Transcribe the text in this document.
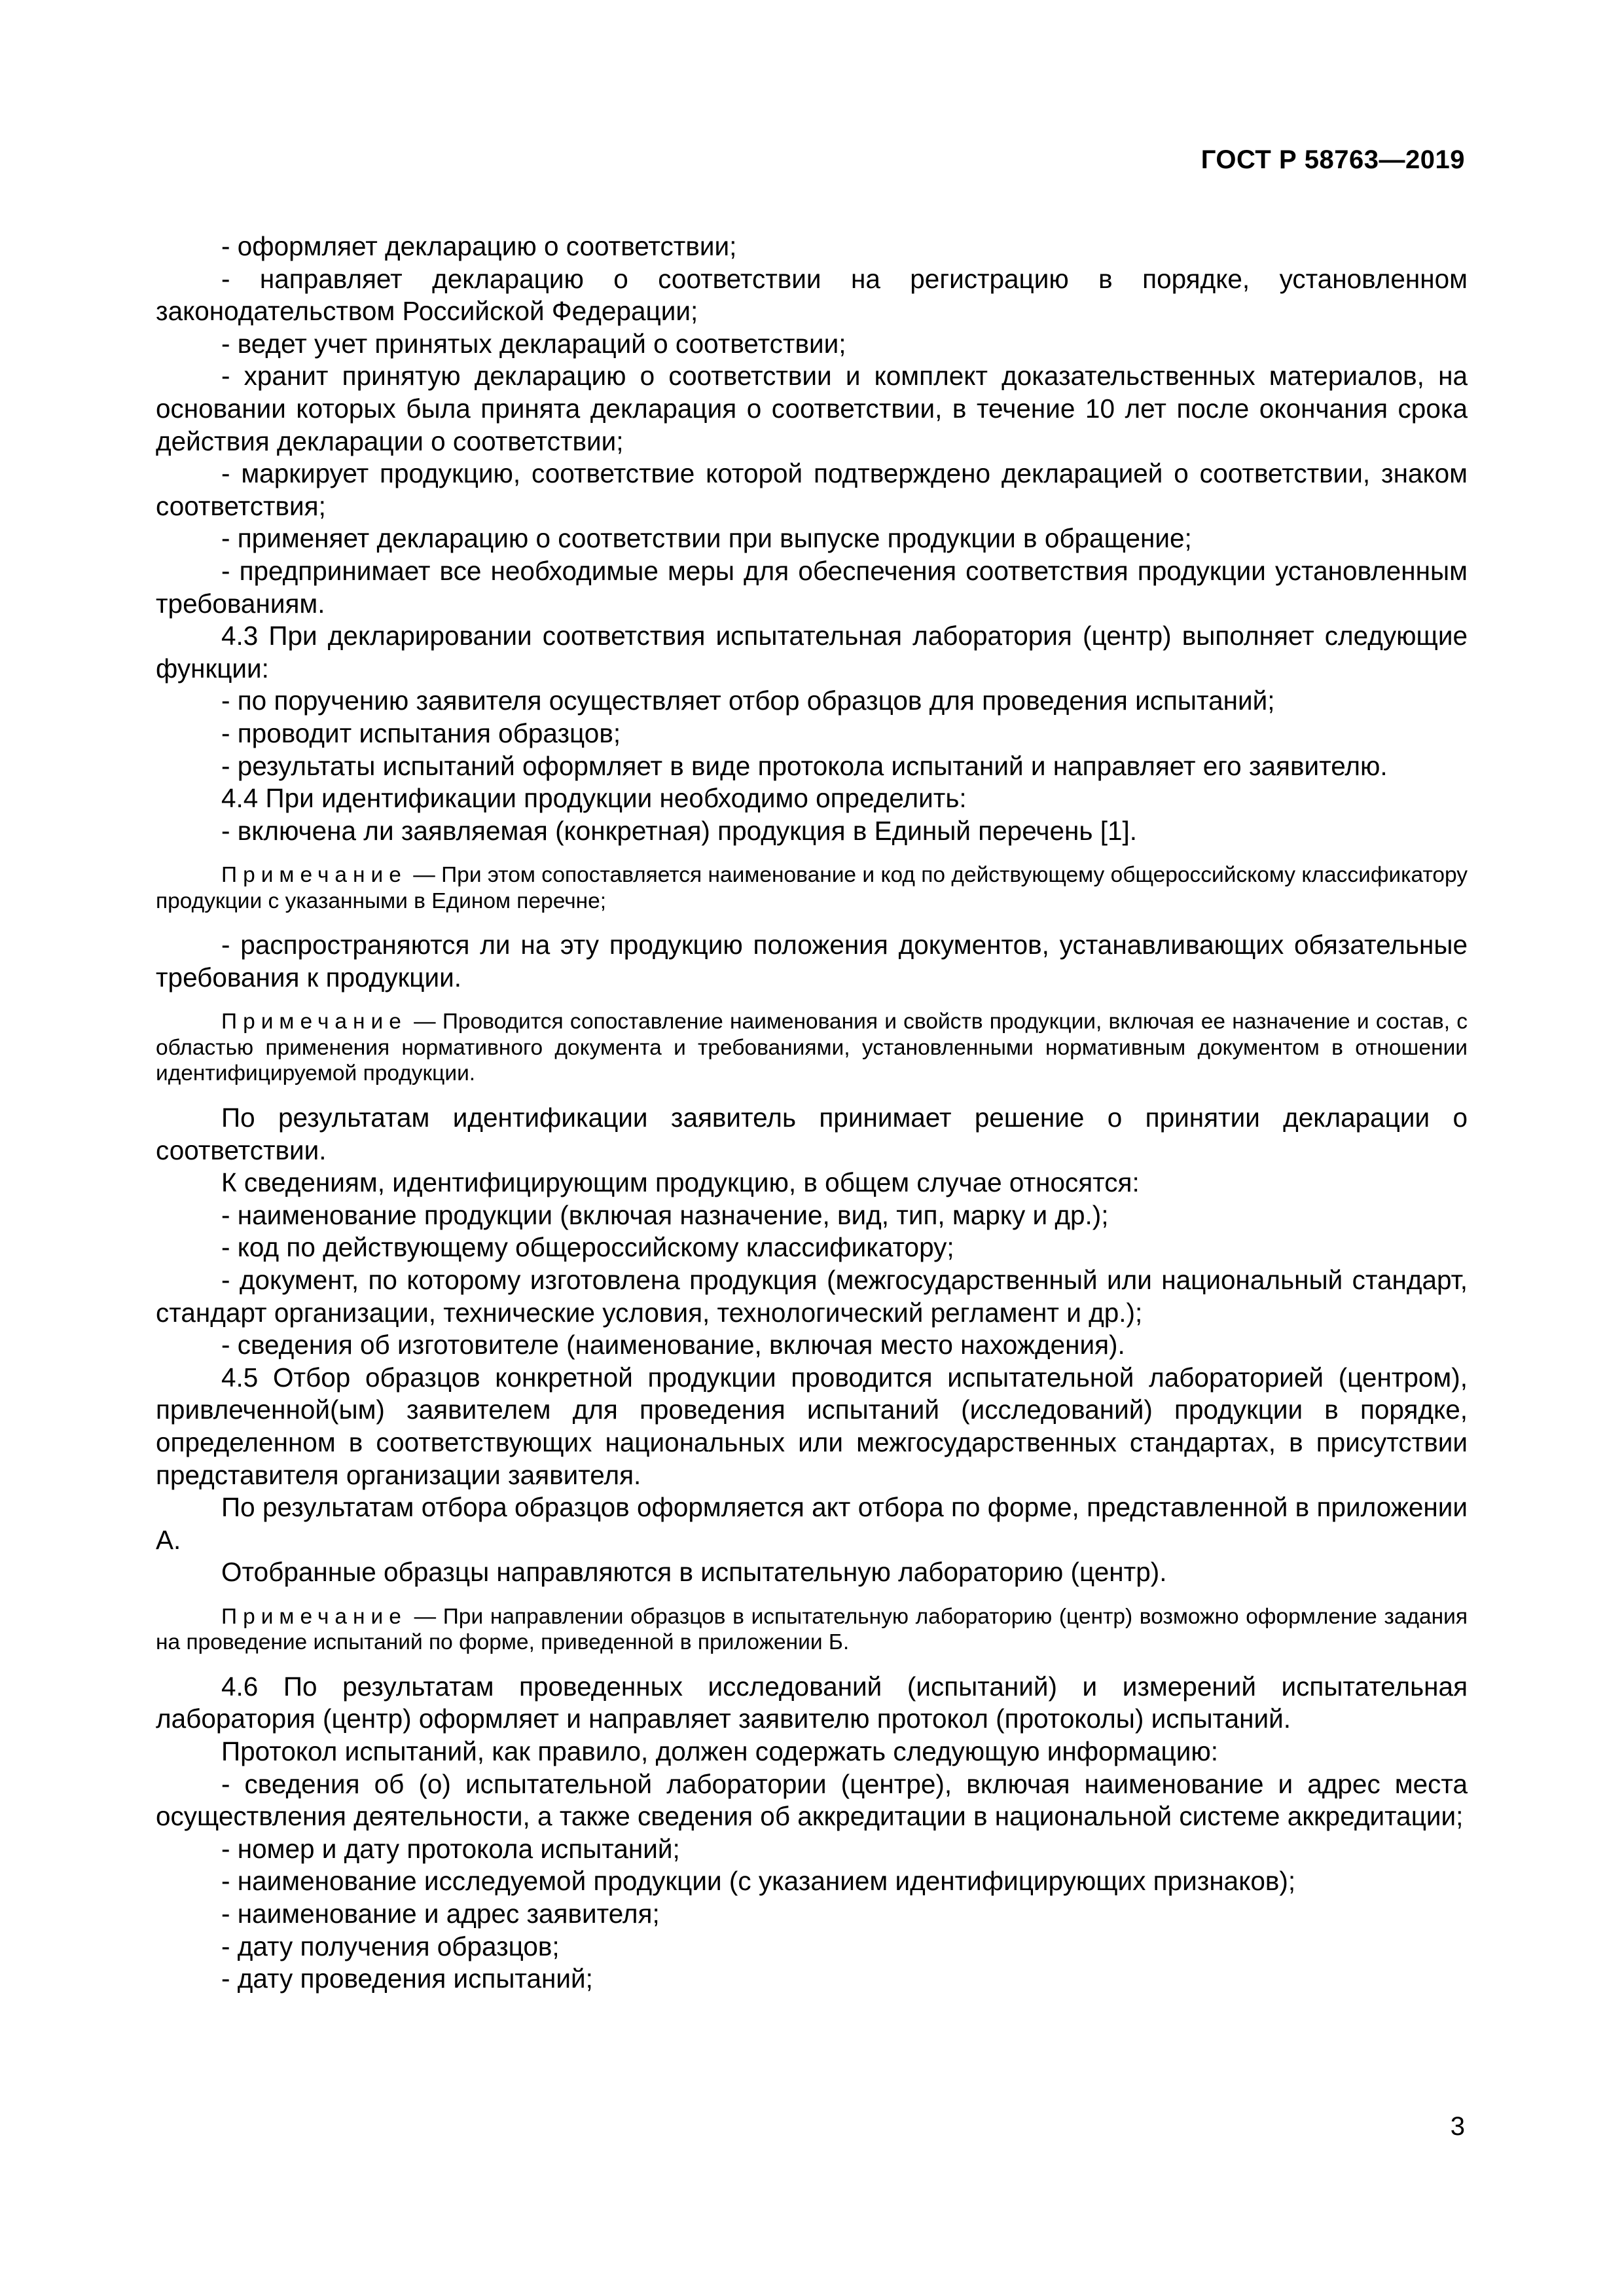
ГОСТ Р 58763—2019

- оформляет декларацию о соответствии;

- направляет декларацию о соответствии на регистрацию в порядке, установленном законодательством Российской Федерации;

- ведет учет принятых деклараций о соответствии;

- хранит принятую декларацию о соответствии и комплект доказательственных материалов, на основании которых была принята декларация о соответствии, в течение 10 лет после окончания срока действия декларации о соответствии;

- маркирует продукцию, соответствие которой подтверждено декларацией о соответствии, знаком соответствия;

- применяет декларацию о соответствии при выпуске продукции в обращение;

- предпринимает все необходимые меры для обеспечения соответствия продукции установленным требованиям.

4.3 При декларировании соответствия испытательная лаборатория (центр) выполняет следующие функции:

- по поручению заявителя осуществляет отбор образцов для проведения испытаний;

- проводит испытания образцов;

- результаты испытаний оформляет в виде протокола испытаний и направляет его заявителю.

4.4 При идентификации продукции необходимо определить:

- включена ли заявляемая (конкретная) продукция в Единый перечень [1].

Примечание — При этом сопоставляется наименование и код по действующему общероссийскому классификатору продукции с указанными в Едином перечне;

- распространяются ли на эту продукцию положения документов, устанавливающих обязательные требования к продукции.

Примечание — Проводится сопоставление наименования и свойств продукции, включая ее назначение и состав, с областью применения нормативного документа и требованиями, установленными нормативным документом в отношении идентифицируемой продукции.

По результатам идентификации заявитель принимает решение о принятии декларации о соответствии.

К сведениям, идентифицирующим продукцию, в общем случае относятся:

- наименование продукции (включая назначение, вид, тип, марку и др.);

- код по действующему общероссийскому классификатору;

- документ, по которому изготовлена продукция (межгосударственный или национальный стандарт, стандарт организации, технические условия, технологический регламент и др.);

- сведения об изготовителе (наименование, включая место нахождения).

4.5 Отбор образцов конкретной продукции проводится испытательной лабораторией (центром), привлеченной(ым) заявителем для проведения испытаний (исследований) продукции в порядке, определенном в соответствующих национальных или межгосударственных стандартах, в присутствии представителя организации заявителя.

По результатам отбора образцов оформляется акт отбора по форме, представленной в приложении А.

Отобранные образцы направляются в испытательную лабораторию (центр).

Примечание — При направлении образцов в испытательную лабораторию (центр) возможно оформление задания на проведение испытаний по форме, приведенной в приложении Б.

4.6 По результатам проведенных исследований (испытаний) и измерений испытательная лаборатория (центр) оформляет и направляет заявителю протокол (протоколы) испытаний.

Протокол испытаний, как правило, должен содержать следующую информацию:

- сведения об (о) испытательной лаборатории (центре), включая наименование и адрес места осуществления деятельности, а также сведения об аккредитации в национальной системе аккредитации;

- номер и дату протокола испытаний;

- наименование исследуемой продукции (с указанием идентифицирующих признаков);

- наименование и адрес заявителя;

- дату получения образцов;

- дату проведения испытаний;

3
